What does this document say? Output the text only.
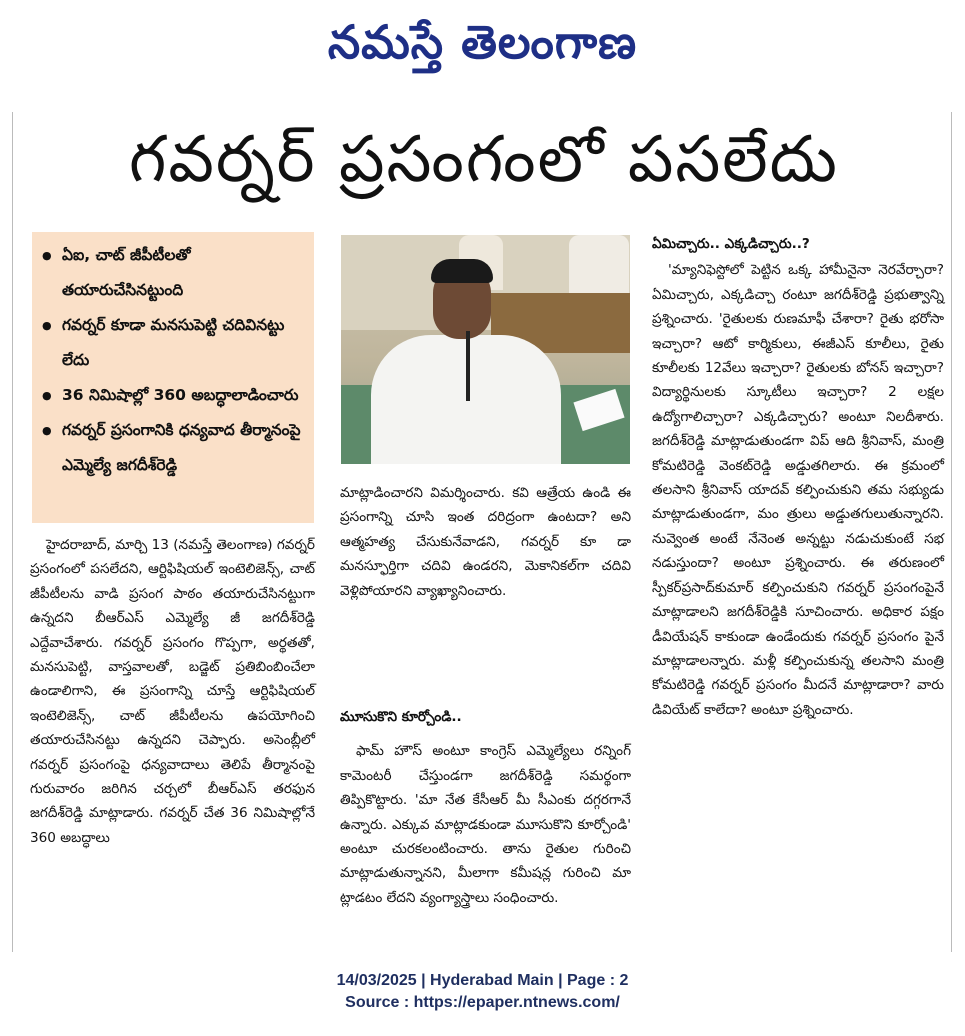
నమస్తే తెలంగాణ
గవర్నర్ ప్రసంగంలో పసలేదు
● ఏఐ, చాట్ జీపీటీలతో తయారుచేసినట్టుంది
● గవర్నర్ కూడా మనసుపెట్టి చదివినట్టు లేదు
● 36 నిమిషాల్లో 360 అబద్ధాలాడించారు
● గవర్నర్ ప్రసంగానికి ధన్యవాద తీర్మానంపై ఎమ్మెల్యే జగదీశ్‌రెడ్డి

హైదరాబాద్, మార్చి 13 (నమస్తే తెలంగాణ) గవర్నర్ ప్రసంగంలో పసలేదని, ఆర్టిఫిషియల్ ఇంటెలిజెన్స్, చాట్ జీపీటీలను వాడి ప్రసంగ పాఠం తయారుచేసినట్టుగా ఉన్నదని బీఆర్‌ఎస్ ఎమ్మెల్యే జీ జగదీశ్‌రెడ్డి ఎద్దేవాచేశారు. గవర్నర్ ప్రసంగం గొప్పగా, అర్థతతో, మనసుపెట్టి, వాస్తవాలతో, బడ్జెట్ ప్రతిబింబించేలా ఉండాలిగాని, ఈ ప్రసంగాన్ని చూస్తే ఆర్టిఫిషియల్ ఇంటెలిజెన్స్, చాట్ జీపీటీలను ఉపయోగించి తయారుచేసినట్టు ఉన్నదని చెప్పారు. అసెంబ్లీలో గవర్నర్ ప్రసంగంపై ధన్యవాదాలు తెలిపే తీర్మానంపై గురువారం జరిగిన చర్చలో బీఆర్‌ఎస్ తరఫున జగదీశ్‌రెడ్డి మాట్లాడారు. గవర్నర్ చేత 36 నిమిషాల్లోనే 360 అబద్ధాలు

మాట్లాడించారని విమర్శించారు. కవి ఆత్రేయ ఉండి ఈ ప్రసంగాన్ని చూసి ఇంత దరిద్రంగా ఉంటదా? అని ఆత్మహత్య చేసుకునేవాడని, గవర్నర్ కూ డా మనస్ఫూర్తిగా చదివి ఉండరని, మెకానికల్‌గా చదివి వెళ్లిపోయారని వ్యాఖ్యానించారు.

మూసుకొని కూర్చోండి..

ఫామ్ హౌస్ అంటూ కాంగ్రెస్ ఎమ్మెల్యేలు రన్నింగ్ కామెంటరీ చేస్తుండగా జగదీశ్‌రెడ్డి సమర్థంగా తిప్పికొట్టారు. 'మా నేత కేసీఆర్ మీ సీఎంకు దగ్గరగానే ఉన్నారు. ఎక్కువ మాట్లాడకుండా మూసుకొని కూర్చోండి' అంటూ చురకలంటించారు. తాను రైతుల గురించి మాట్లాడుతున్నానని, మీలాగా కమీషన్ల గురించి మా ట్లాడటం లేదని వ్యంగ్యాస్త్రాలు సంధించారు.

ఏమిచ్చారు.. ఎక్కడిచ్చారు..?

'మ్యానిఫెస్టోలో పెట్టిన ఒక్క హామీనైనా నెరవేర్చారా? ఏమిచ్చారు, ఎక్కడిచ్చా రంటూ జగదీశ్‌రెడ్డి ప్రభుత్వాన్ని ప్రశ్నించారు. 'రైతులకు రుణమాఫీ చేశారా? రైతు భరోసా ఇచ్చారా? ఆటో కార్మికులు, ఈజీఎస్ కూలీలు, రైతు కూలీలకు 12వేలు ఇచ్చారా? రైతులకు బోనస్ ఇచ్చారా? విద్యార్థినులకు స్కూటీలు ఇచ్చారా? 2 లక్షల ఉద్యోగాలిచ్చారా? ఎక్కడిచ్చారు? అంటూ నిలదీశారు. జగదీశ్‌రెడ్డి మాట్లాడుతుండగా విప్ ఆది శ్రీనివాస్, మంత్రి కోమటిరెడ్డి వెంకట్‌రెడ్డి అడ్డుతగిలారు. ఈ క్రమంలో తలసాని శ్రీనివాస్ యాదవ్ కల్పించుకుని తమ సభ్యుడు మాట్లాడుతుండగా, మం త్రులు అడ్డుతగులుతున్నారని. నువ్వెంత అంటే నేనెంత అన్నట్టు నడుచుకుంటే సభ నడుస్తుందా? అంటూ ప్రశ్నించారు. ఈ తరుణంలో స్పీకర్‌ప్రసాద్‌కుమార్ కల్పించుకుని గవర్నర్ ప్రసంగంపైనే మాట్లాడాలని జగదీశ్‌రెడ్డికి సూచించారు. అధికార పక్షం డీవియేషన్ కాకుండా ఉండేందుకు గవర్నర్ ప్రసంగం పైనే మాట్లాడాలన్నారు. మళ్లీ కల్పించుకున్న తలసాని మంత్రి కోమటిరెడ్డి గవర్నర్ ప్రసంగం మీదనే మాట్లాడారా? వారు డివియేట్ కాలేదా? అంటూ ప్రశ్నించారు.

14/03/2025 | Hyderabad Main | Page : 2
Source : https://epaper.ntnews.com/
